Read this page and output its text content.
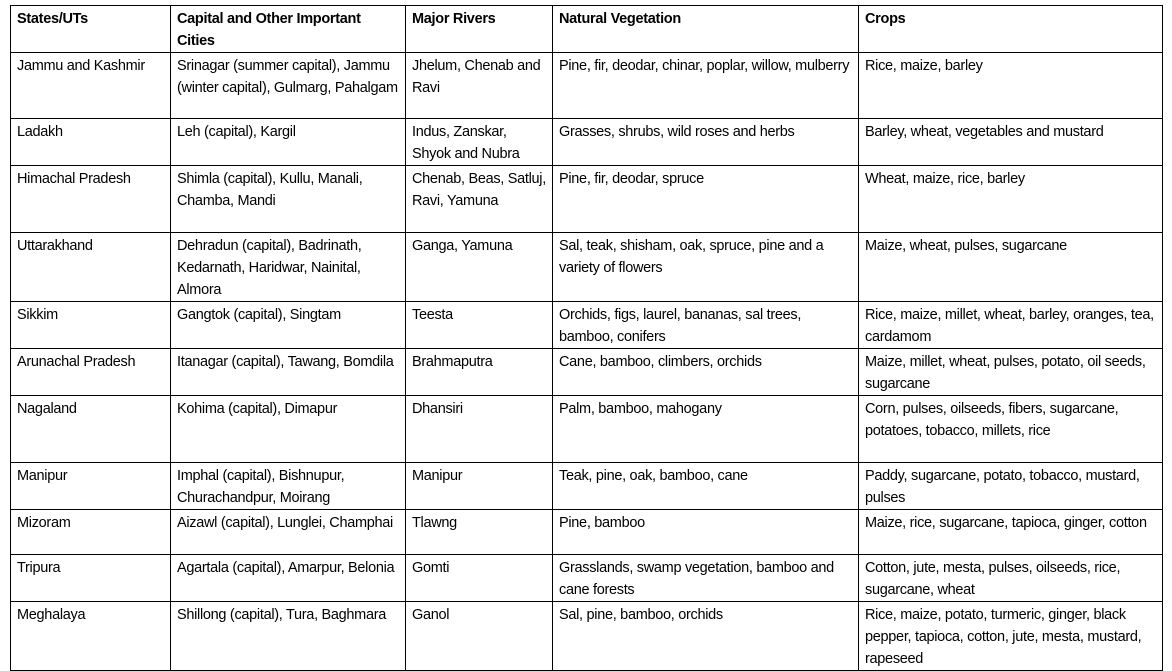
States/UTs	Capital and Other Important Cities	Major Rivers	Natural Vegetation	Crops
Jammu and Kashmir	Srinagar (summer capital), Jammu (winter capital), Gulmarg, Pahalgam	Jhelum, Chenab and Ravi	Pine, fir, deodar, chinar, poplar, willow, mulberry	Rice, maize, barley
Ladakh	Leh (capital), Kargil	Indus, Zanskar, Shyok and Nubra	Grasses, shrubs, wild roses and herbs	Barley, wheat, vegetables and mustard
Himachal Pradesh	Shimla (capital), Kullu, Manali, Chamba, Mandi	Chenab, Beas, Satluj, Ravi, Yamuna	Pine, fir, deodar, spruce	Wheat, maize, rice, barley
Uttarakhand	Dehradun (capital), Badrinath, Kedarnath, Haridwar, Nainital, Almora	Ganga, Yamuna	Sal, teak, shisham, oak, spruce, pine and a variety of flowers	Maize, wheat, pulses, sugarcane
Sikkim	Gangtok (capital), Singtam	Teesta	Orchids, figs, laurel, bananas, sal trees, bamboo, conifers	Rice, maize, millet, wheat, barley, oranges, tea, cardamom
Arunachal Pradesh	Itanagar (capital), Tawang, Bomdila	Brahmaputra	Cane, bamboo, climbers, orchids	Maize, millet, wheat, pulses, potato, oil seeds, sugarcane
Nagaland	Kohima (capital), Dimapur	Dhansiri	Palm, bamboo, mahogany	Corn, pulses, oilseeds, fibers, sugarcane, potatoes, tobacco, millets, rice
Manipur	Imphal (capital), Bishnupur, Churachandpur, Moirang	Manipur	Teak, pine, oak, bamboo, cane	Paddy, sugarcane, potato, tobacco, mustard, pulses
Mizoram	Aizawl (capital), Lunglei, Champhai	Tlawng	Pine, bamboo	Maize, rice, sugarcane, tapioca, ginger, cotton
Tripura	Agartala (capital), Amarpur, Belonia	Gomti	Grasslands, swamp vegetation, bamboo and cane forests	Cotton, jute, mesta, pulses, oilseeds, rice, sugarcane, wheat
Meghalaya	Shillong (capital), Tura, Baghmara	Ganol	Sal, pine, bamboo, orchids	Rice, maize, potato, turmeric, ginger, black pepper, tapioca, cotton, jute, mesta, mustard, rapeseed
